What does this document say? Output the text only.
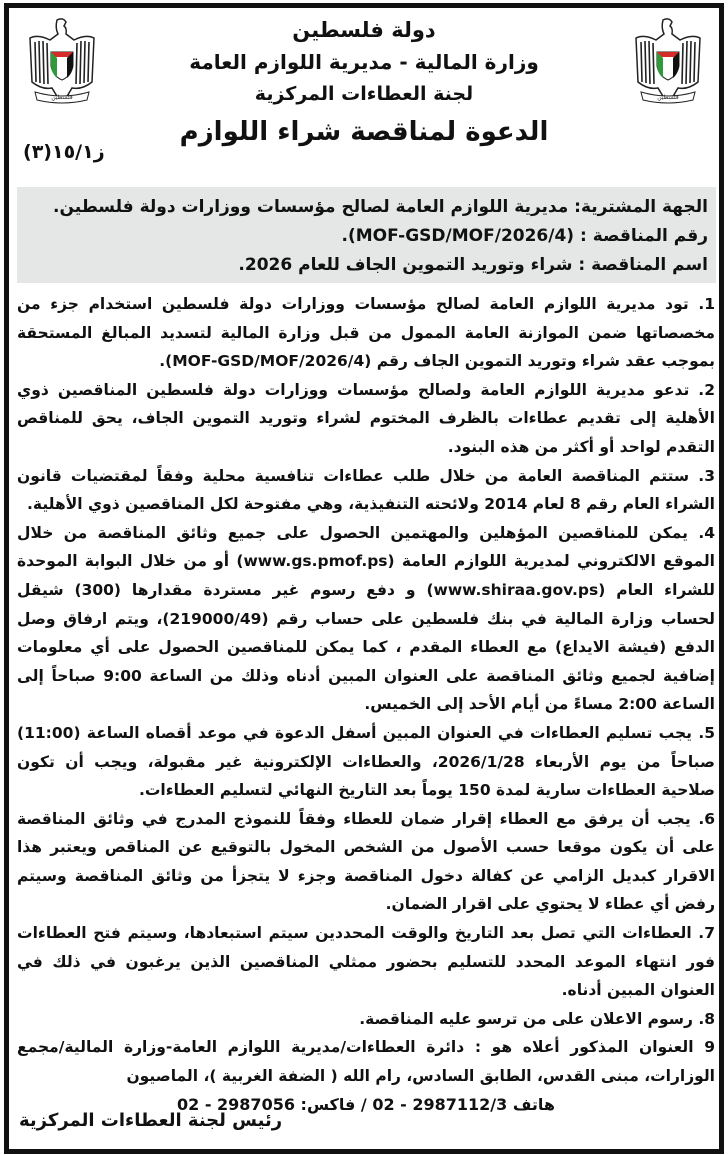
فلسطين
فلسطين
دولة فلسطين
وزارة المالية - مديرية اللوازم العامة
لجنة العطاءات المركزية
الدعوة لمناقصة شراء اللوازم
ز١٥/١(٣)

الجهة المشترية: مديرية اللوازم العامة لصالح مؤسسات ووزارات دولة فلسطين.

رقم المناقصة : (MOF-GSD/MOF/2026/4).

اسم المناقصة : شراء وتوريد التموين الجاف للعام 2026.

1. تود مديرية اللوازم العامة لصالح مؤسسات ووزارات دولة فلسطين استخدام جزء من مخصصاتها ضمن الموازنة العامة الممول من قبل وزارة المالية لتسديد المبالغ المستحقة بموجب عقد شراء وتوريد التموين الجاف رقم (MOF-GSD/MOF/2026/4).

2. تدعو مديرية اللوازم العامة ولصالح مؤسسات ووزارات دولة فلسطين المناقصين ذوي الأهلية إلى تقديم عطاءات بالظرف المختوم لشراء وتوريد التموين الجاف، يحق للمناقص التقدم لواحد أو أكثر من هذه البنود.

3. ستتم المناقصة العامة من خلال طلب عطاءات تنافسية محلية وفقاً لمقتضيات قانون الشراء العام رقم 8 لعام 2014 ولائحته التنفيذية، وهي مفتوحة لكل المناقصين ذوي الأهلية.

4. يمكن للمناقصين المؤهلين والمهتمين الحصول على جميع وثائق المناقصة من خلال الموقع الالكتروني لمديرية اللوازم العامة (www.gs.pmof.ps) أو من خلال البوابة الموحدة للشراء العام (www.shiraa.gov.ps) و دفع رسوم غير مستردة مقدارها (300) شيقل لحساب وزارة المالية في بنك فلسطين على حساب رقم (219000/49)، ويتم ارفاق وصل الدفع (فيشة الايداع) مع العطاء المقدم ، كما يمكن للمناقصين الحصول على أي معلومات إضافية لجميع وثائق المناقصة على العنوان المبين أدناه وذلك من الساعة 9:00 صباحاً إلى الساعة 2:00 مساءً من أيام الأحد إلى الخميس.

5. يجب تسليم العطاءات في العنوان المبين أسفل الدعوة في موعد أقصاه الساعة (11:00) صباحاً من يوم الأربعاء 2026/1/28، والعطاءات الإلكترونية غير مقبولة، ويجب أن تكون صلاحية العطاءات سارية لمدة 150 يوماً بعد التاريخ النهائي لتسليم العطاءات.

6. يجب أن يرفق مع العطاء إقرار ضمان للعطاء وفقاً للنموذج المدرج في وثائق المناقصة على أن يكون موقعا حسب الأصول من الشخص المخول بالتوقيع عن المناقص ويعتبر هذا الاقرار كبديل الزامي عن كفالة دخول المناقصة وجزء لا يتجزأ من وثائق المناقصة وسيتم رفض أي عطاء لا يحتوي على اقرار الضمان.

7. العطاءات التي تصل بعد التاريخ والوقت المحددين سيتم استبعادها، وسيتم فتح العطاءات فور انتهاء الموعد المحدد للتسليم بحضور ممثلي المناقصين الذين يرغبون في ذلك في العنوان المبين أدناه.

8. رسوم الاعلان على من ترسو عليه المناقصة.

9 العنوان المذكور أعلاه هو : دائرة العطاءات/مديرية اللوازم العامة-وزارة المالية/مجمع الوزارات، مبنى القدس، الطابق السادس، رام الله ( الضفة الغربية )، الماصيون

هاتف 2987112/3 - 02 / فاكس: 2987056 - 02
رئيس لجنة العطاءات المركزية
